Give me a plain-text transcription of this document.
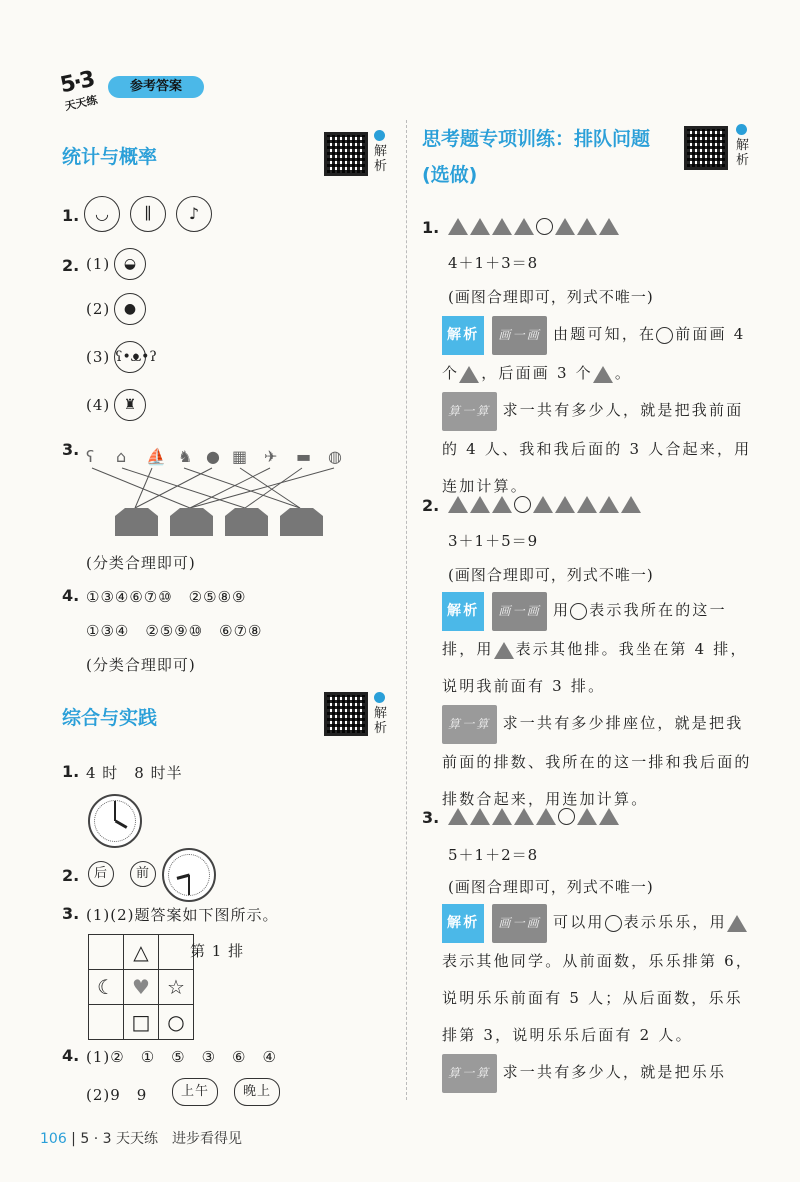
5·3
天天练
参考答案
统计与概率	解析
1. ◡	∥	♪
2. (1) ◒
(2) ●
(3) ʕ•ᴥ•ʔ
(4) ♜
3. ʕ ⌂ ⛵ ♞ ● ▦ ✈ ▬ ◍
(分类合理即可)
4. ①③④⑥⑦⑩　②⑤⑧⑨
①③④　②⑤⑨⑩　⑥⑦⑧
(分类合理即可)
综合与实践	解析
1. 4 时　8 时半
2.	后	前
3. (1)(2)题答案如下图所示。
	△	
☾	♥	☆
	□	○
第 1 排
4. (1)②　①　⑤　③　⑥　④
(2)9　9	上午	晚上
思考题专项训练：排队问题
(选做)
解析
1.
4＋1＋3＝8
(画图合理即可，列式不唯一)
解析 画一画 由题可知，在 前面画 4 个 ，后面画 3 个 。
算一算 求一共有多少人，就是把我前面的 4 人、我和我后面的 3 人合起来，用连加计算。
2.
3＋1＋5＝9
(画图合理即可，列式不唯一)
解析 画一画 用 表示我所在的这一排，用 表示其他排。我坐在第 4 排，说明我前面有 3 排。
算一算 求一共有多少排座位，就是把我前面的排数、我所在的这一排和我后面的排数合起来，用连加计算。
3.
5＋1＋2＝8
(画图合理即可，列式不唯一)
解析 画一画 可以用 表示乐乐，用表示其他同学。从前面数，乐乐排第 6，说明乐乐前面有 5 人；从后面数，乐乐排第 3，说明乐乐后面有 2 人。
算一算 求一共有多少人，就是把乐乐
106 | 5 · 3 天天练　进步看得见
